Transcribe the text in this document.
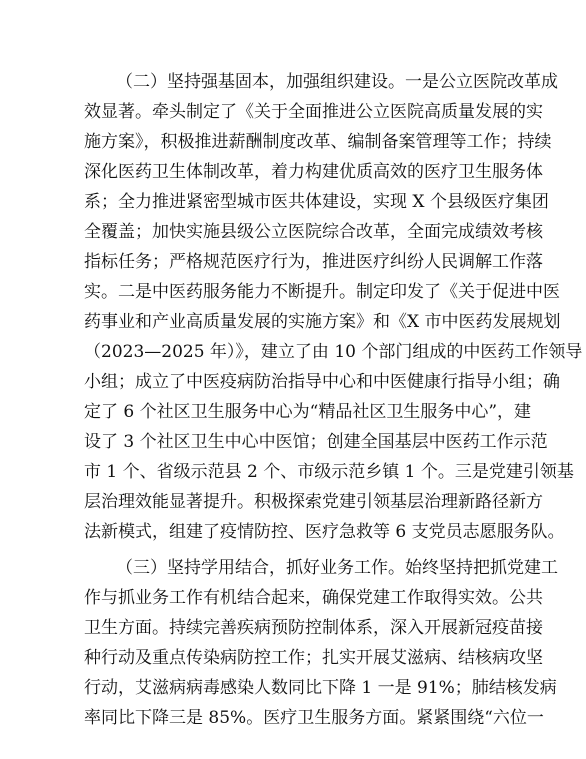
（二）坚持强基固本，加强组织建设。一是公立医院改革成
效显著。牵头制定了《关于全面推进公立医院高质量发展的实
施方案》，积极推进薪酬制度改革、编制备案管理等工作；持续
深化医药卫生体制改革，着力构建优质高效的医疗卫生服务体
系；全力推进紧密型城市医共体建设，实现 X 个县级医疗集团
全覆盖；加快实施县级公立医院综合改革，全面完成绩效考核
指标任务；严格规范医疗行为，推进医疗纠纷人民调解工作落
实。二是中医药服务能力不断提升。制定印发了《关于促进中医
药事业和产业高质量发展的实施方案》和《X 市中医药发展规划
（2023—2025 年）》，建立了由 10 个部门组成的中医药工作领导
小组；成立了中医疫病防治指导中心和中医健康行指导小组；确
定了 6 个社区卫生服务中心为“精品社区卫生服务中心”，建
设了 3 个社区卫生中心中医馆；创建全国基层中医药工作示范
市 1 个、省级示范县 2 个、市级示范乡镇 1 个。三是党建引领基
层治理效能显著提升。积极探索党建引领基层治理新路径新方
法新模式，组建了疫情防控、医疗急救等 6 支党员志愿服务队。
（三）坚持学用结合，抓好业务工作。始终坚持把抓党建工
作与抓业务工作有机结合起来，确保党建工作取得实效。公共
卫生方面。持续完善疾病预防控制体系，深入开展新冠疫苗接
种行动及重点传染病防控工作；扎实开展艾滋病、结核病攻坚
行动，艾滋病病毒感染人数同比下降 1 一是 91%；肺结核发病
率同比下降三是 85%。医疗卫生服务方面。紧紧围绕“六位一
